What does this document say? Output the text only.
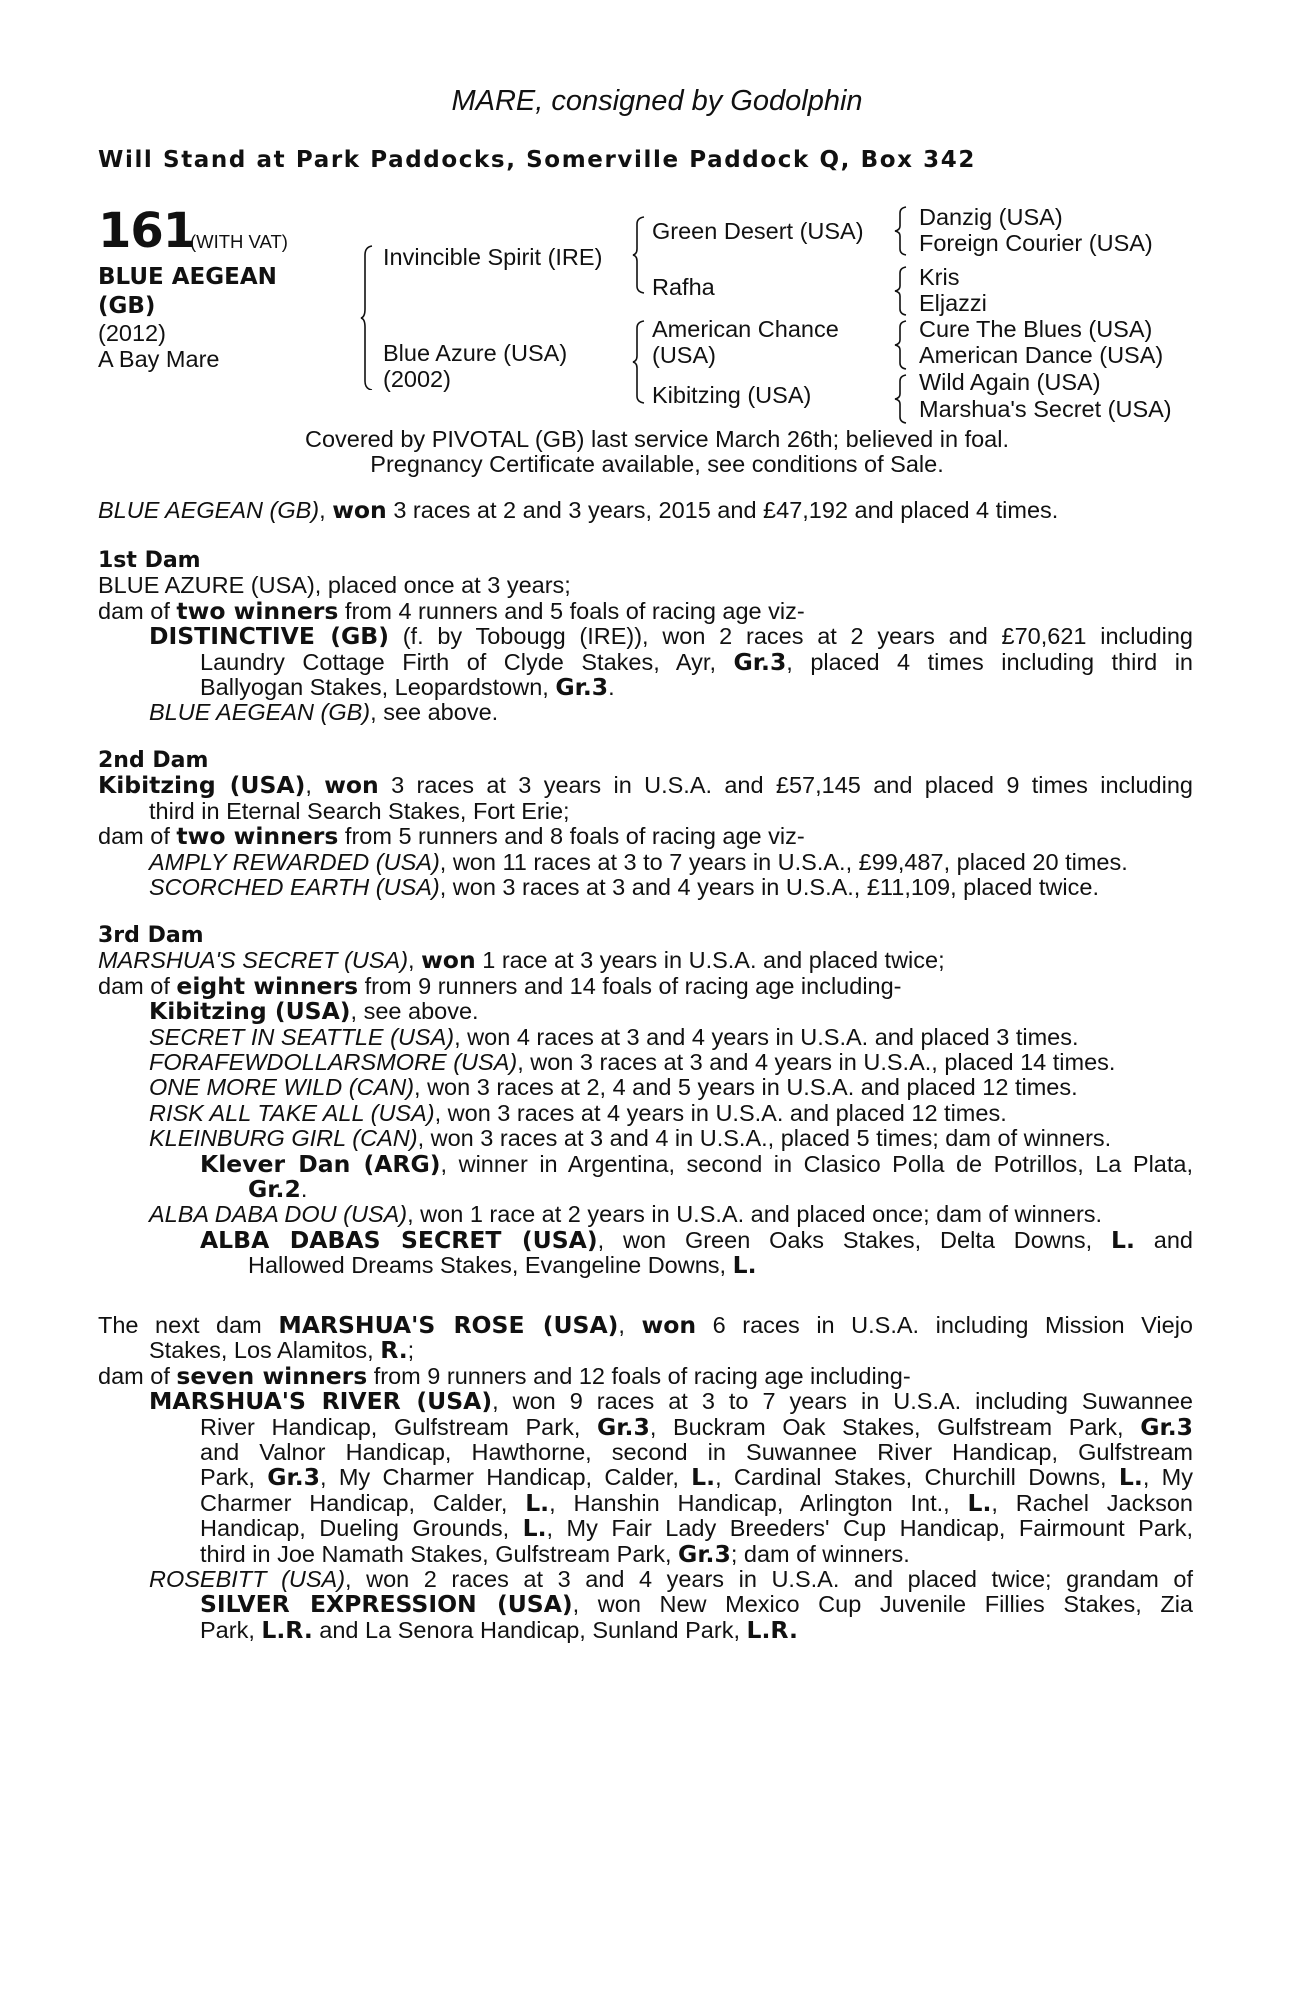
MARE, consigned by Godolphin
Will Stand at Park Paddocks, Somerville Paddock Q, Box 342
161
(WITH VAT)
BLUE AEGEAN
(GB)
(2012)
A Bay Mare
Invincible Spirit (IRE)
Blue Azure (USA)
(2002)
Green Desert (USA)
Rafha
American Chance
(USA)
Kibitzing (USA)
Danzig (USA)
Foreign Courier (USA)
Kris
Eljazzi
Cure The Blues (USA)
American Dance (USA)
Wild Again (USA)
Marshua's Secret (USA)
Covered by PIVOTAL (GB) last service March 26th; believed in foal.
Pregnancy Certificate available, see conditions of Sale.
BLUE AEGEAN (GB), won 3 races at 2 and 3 years, 2015 and £47,192 and placed 4 times.
1st Dam
BLUE AZURE (USA), placed once at 3 years;
dam of two winners from 4 runners and 5 foals of racing age viz-
DISTINCTIVE (GB) (f. by Tobougg (IRE)), won 2 races at 2 years and £70,621 including
Laundry Cottage Firth of Clyde Stakes, Ayr, Gr.3, placed 4 times including third in
Ballyogan Stakes, Leopardstown, Gr.3.
BLUE AEGEAN (GB), see above.
2nd Dam
Kibitzing (USA), won 3 races at 3 years in U.S.A. and £57,145 and placed 9 times including
third in Eternal Search Stakes, Fort Erie;
dam of two winners from 5 runners and 8 foals of racing age viz-
AMPLY REWARDED (USA), won 11 races at 3 to 7 years in U.S.A., £99,487, placed 20 times.
SCORCHED EARTH (USA), won 3 races at 3 and 4 years in U.S.A., £11,109, placed twice.
3rd Dam
MARSHUA'S SECRET (USA), won 1 race at 3 years in U.S.A. and placed twice;
dam of eight winners from 9 runners and 14 foals of racing age including-
Kibitzing (USA), see above.
SECRET IN SEATTLE (USA), won 4 races at 3 and 4 years in U.S.A. and placed 3 times.
FORAFEWDOLLARSMORE (USA), won 3 races at 3 and 4 years in U.S.A., placed 14 times.
ONE MORE WILD (CAN), won 3 races at 2, 4 and 5 years in U.S.A. and placed 12 times.
RISK ALL TAKE ALL (USA), won 3 races at 4 years in U.S.A. and placed 12 times.
KLEINBURG GIRL (CAN), won 3 races at 3 and 4 in U.S.A., placed 5 times; dam of winners.
Klever Dan (ARG), winner in Argentina, second in Clasico Polla de Potrillos, La Plata,
Gr.2.
ALBA DABA DOU (USA), won 1 race at 2 years in U.S.A. and placed once; dam of winners.
ALBA DABAS SECRET (USA), won Green Oaks Stakes, Delta Downs, L. and
Hallowed Dreams Stakes, Evangeline Downs, L.
The next dam MARSHUA'S ROSE (USA), won 6 races in U.S.A. including Mission Viejo
Stakes, Los Alamitos, R.;
dam of seven winners from 9 runners and 12 foals of racing age including-
MARSHUA'S RIVER (USA), won 9 races at 3 to 7 years in U.S.A. including Suwannee
River Handicap, Gulfstream Park, Gr.3, Buckram Oak Stakes, Gulfstream Park, Gr.3
and Valnor Handicap, Hawthorne, second in Suwannee River Handicap, Gulfstream
Park, Gr.3, My Charmer Handicap, Calder, L., Cardinal Stakes, Churchill Downs, L., My
Charmer Handicap, Calder, L., Hanshin Handicap, Arlington Int., L., Rachel Jackson
Handicap, Dueling Grounds, L., My Fair Lady Breeders' Cup Handicap, Fairmount Park,
third in Joe Namath Stakes, Gulfstream Park, Gr.3; dam of winners.
ROSEBITT (USA), won 2 races at 3 and 4 years in U.S.A. and placed twice; grandam of
SILVER EXPRESSION (USA), won New Mexico Cup Juvenile Fillies Stakes, Zia
Park, L.R. and La Senora Handicap, Sunland Park, L.R.
